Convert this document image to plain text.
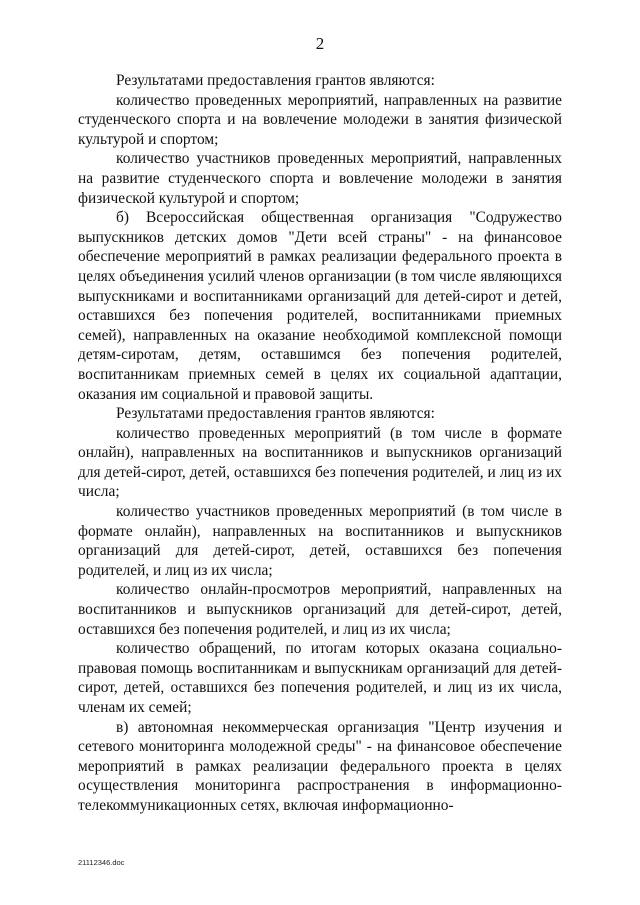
2

Результатами предоставления грантов являются:

количество проведенных мероприятий, направленных на развитие студенческого спорта и на вовлечение молодежи в занятия физической культурой и спортом;

количество участников проведенных мероприятий, направленных на развитие студенческого спорта и вовлечение молодежи в занятия физической культурой и спортом;

б) Всероссийская общественная организация "Содружество выпускников детских домов "Дети всей страны" - на финансовое обеспечение мероприятий в рамках реализации федерального проекта в целях объединения усилий членов организации (в том числе являющихся выпускниками и воспитанниками организаций для детей-сирот и детей, оставшихся без попечения родителей, воспитанниками приемных семей), направленных на оказание необходимой комплексной помощи детям-сиротам, детям, оставшимся без попечения родителей, воспитанникам приемных семей в целях их социальной адаптации, оказания им социальной и правовой защиты.

Результатами предоставления грантов являются:

количество проведенных мероприятий (в том числе в формате онлайн), направленных на воспитанников и выпускников организаций для детей-сирот, детей, оставшихся без попечения родителей, и лиц из их числа;

количество участников проведенных мероприятий (в том числе в формате онлайн), направленных на воспитанников и выпускников организаций для детей-сирот, детей, оставшихся без попечения родителей, и лиц из их числа;

количество онлайн-просмотров мероприятий, направленных на воспитанников и выпускников организаций для детей-сирот, детей, оставшихся без попечения родителей, и лиц из их числа;

количество обращений, по итогам которых оказана социально-правовая помощь воспитанникам и выпускникам организаций для детей-сирот, детей, оставшихся без попечения родителей, и лиц из их числа, членам их семей;

в) автономная некоммерческая организация "Центр изучения и сетевого мониторинга молодежной среды" - на финансовое обеспечение мероприятий в рамках реализации федерального проекта в целях осуществления мониторинга распространения в информационно-телекоммуникационных сетях, включая информационно-

21112346.doc
